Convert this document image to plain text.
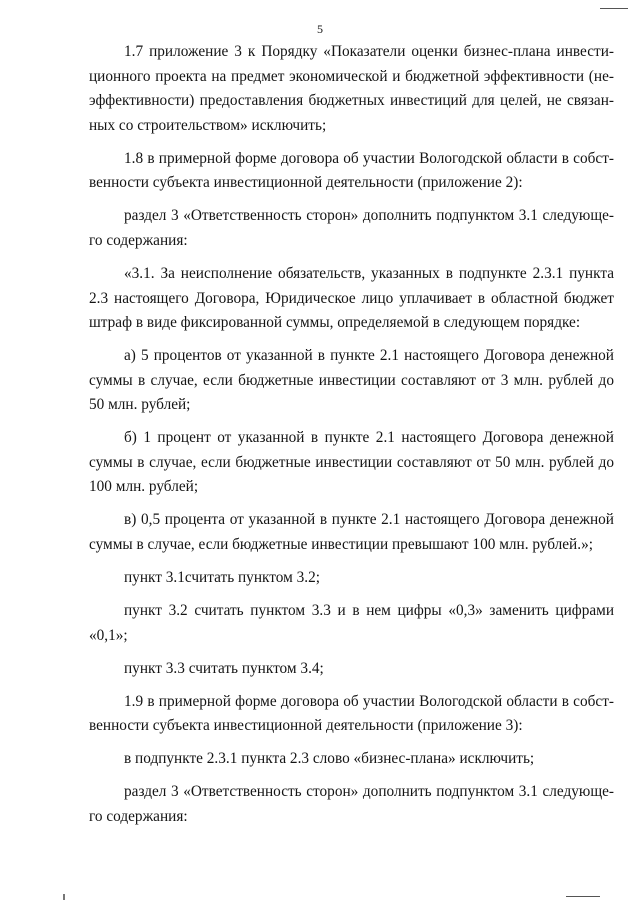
5

1.7 приложение 3 к Порядку «Показатели оценки бизнес-плана инвестиционного проекта на предмет экономической и бюджетной эффективности (неэффективности) предоставления бюджетных инвестиций для целей, не связанных со строительством» исключить;

1.8 в примерной форме договора об участии Вологодской области в собственности субъекта инвестиционной деятельности (приложение 2):

раздел 3 «Ответственность сторон» дополнить подпунктом 3.1 следующего содержания:

«3.1. За неисполнение обязательств, указанных в подпункте 2.3.1 пункта 2.3 настоящего Договора, Юридическое лицо уплачивает в областной бюджет штраф в виде фиксированной суммы, определяемой в следующем порядке:

а) 5 процентов от указанной в пункте 2.1 настоящего Договора денежной суммы в случае, если бюджетные инвестиции составляют от 3 млн. рублей до 50 млн. рублей;

б) 1 процент от указанной в пункте 2.1 настоящего Договора денежной суммы в случае, если бюджетные инвестиции составляют от 50 млн. рублей до 100 млн. рублей;

в) 0,5 процента от указанной в пункте 2.1 настоящего Договора денежной суммы в случае, если бюджетные инвестиции превышают 100 млн. рублей.»;

пункт 3.1считать пунктом 3.2;

пункт 3.2 считать пунктом 3.3 и в нем цифры «0,3» заменить цифрами «0,1»;

пункт 3.3 считать пунктом 3.4;

1.9 в примерной форме договора об участии Вологодской области в собственности субъекта инвестиционной деятельности (приложение 3):

в подпункте 2.3.1 пункта 2.3 слово «бизнес-плана» исключить;

раздел 3 «Ответственность сторон» дополнить подпунктом 3.1 следующего содержания:
